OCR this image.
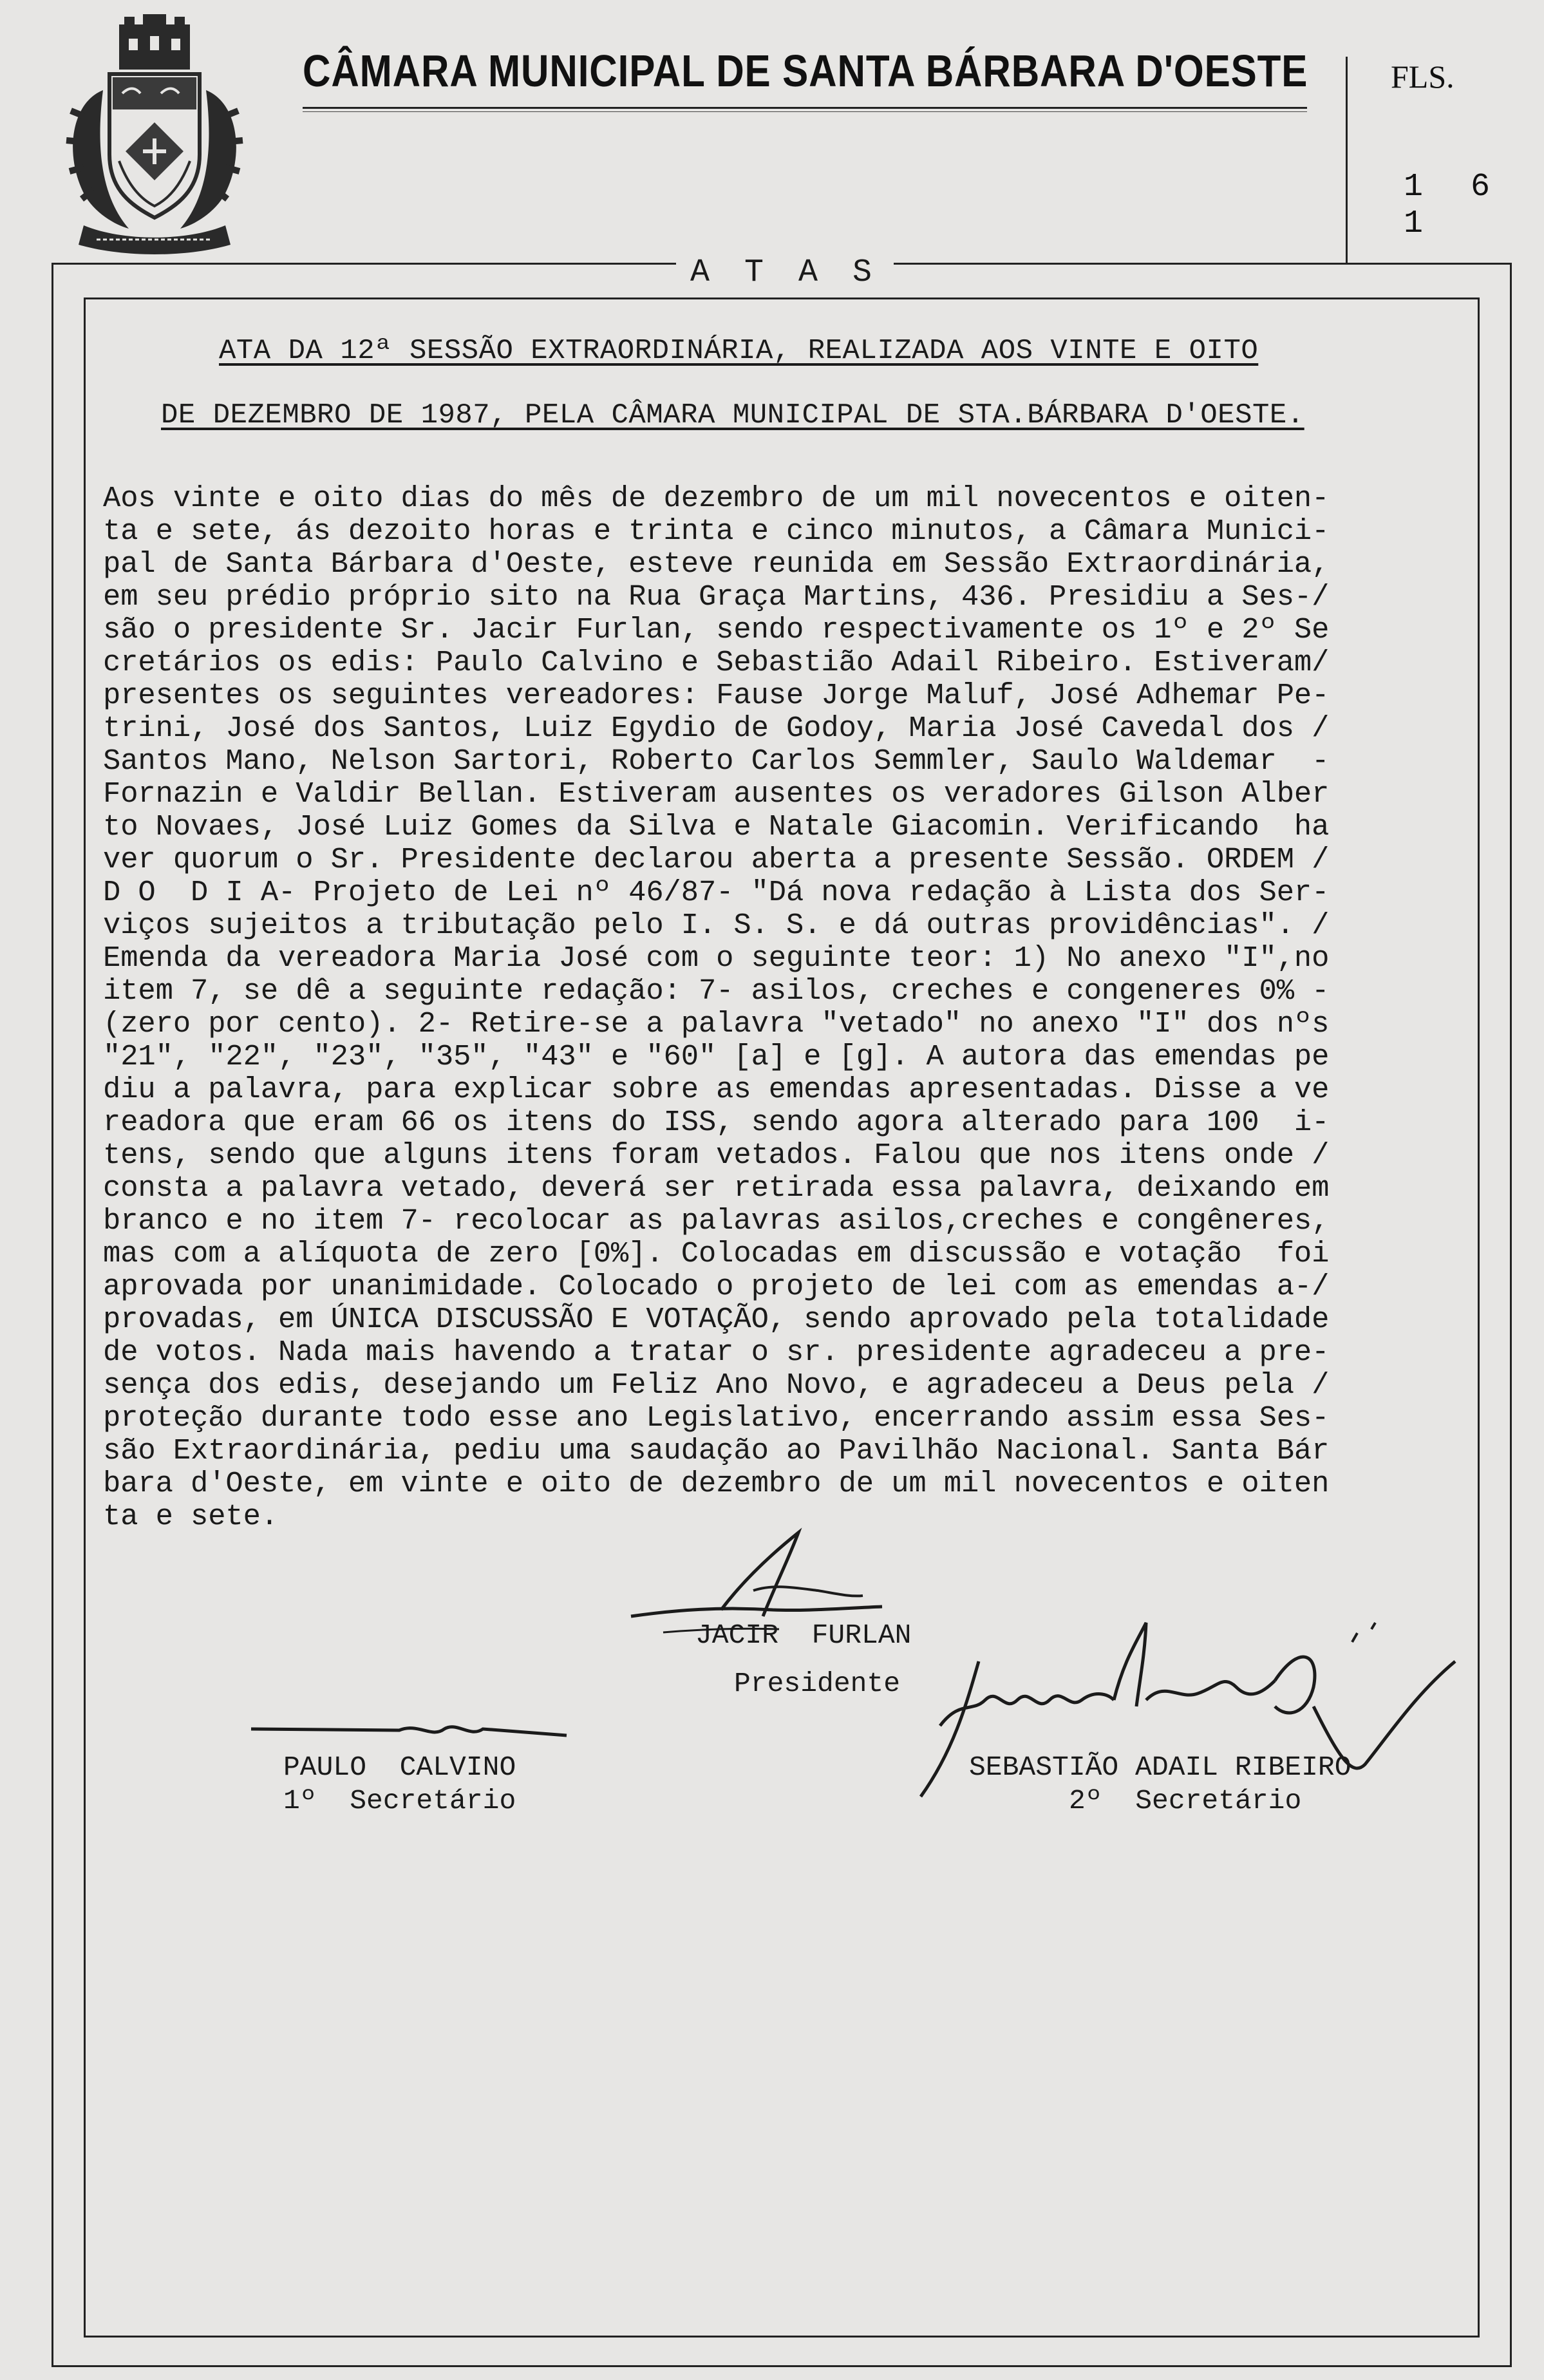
CÂMARA MUNICIPAL DE SANTA BÁRBARA D'OESTE	FLS.
1 6 1
A T A S
ATA DA 12ª SESSÃO EXTRAORDINÁRIA, REALIZADA AOS VINTE E OITO
DE DEZEMBRO DE 1987, PELA CÂMARA MUNICIPAL DE STA.BÁRBARA D'OESTE.
Aos vinte e oito dias do mês de dezembro de um mil novecentos e oiten-
ta e sete, ás dezoito horas e trinta e cinco minutos, a Câmara Munici-
pal de Santa Bárbara d'Oeste, esteve reunida em Sessão Extraordinária,
em seu prédio próprio sito na Rua Graça Martins, 436. Presidiu a Ses-/
são o presidente Sr. Jacir Furlan, sendo respectivamente os 1º e 2º Se
cretários os edis: Paulo Calvino e Sebastião Adail Ribeiro. Estiveram/
presentes os seguintes vereadores: Fause Jorge Maluf, José Adhemar Pe-
trini, José dos Santos, Luiz Egydio de Godoy, Maria José Cavedal dos /
Santos Mano, Nelson Sartori, Roberto Carlos Semmler, Saulo Waldemar  -
Fornazin e Valdir Bellan. Estiveram ausentes os veradores Gilson Alber
to Novaes, José Luiz Gomes da Silva e Natale Giacomin. Verificando  ha
ver quorum o Sr. Presidente declarou aberta a presente Sessão. ORDEM /
D O  D I A- Projeto de Lei nº 46/87- "Dá nova redação à Lista dos Ser-
viços sujeitos a tributação pelo I. S. S. e dá outras providências". /
Emenda da vereadora Maria José com o seguinte teor: 1) No anexo "I",no
item 7, se dê a seguinte redação: 7- asilos, creches e congeneres 0% -
(zero por cento). 2- Retire-se a palavra "vetado" no anexo "I" dos nºs
"21", "22", "23", "35", "43" e "60" [a] e [g]. A autora das emendas pe
diu a palavra, para explicar sobre as emendas apresentadas. Disse a ve
readora que eram 66 os itens do ISS, sendo agora alterado para 100  i-
tens, sendo que alguns itens foram vetados. Falou que nos itens onde /
consta a palavra vetado, deverá ser retirada essa palavra, deixando em
branco e no item 7- recolocar as palavras asilos,creches e congêneres,
mas com a alíquota de zero [0%]. Colocadas em discussão e votação  foi
aprovada por unanimidade. Colocado o projeto de lei com as emendas a-/
provadas, em ÚNICA DISCUSSÃO E VOTAÇÃO, sendo aprovado pela totalidade
de votos. Nada mais havendo a tratar o sr. presidente agradeceu a pre-
sença dos edis, desejando um Feliz Ano Novo, e agradeceu a Deus pela /
proteção durante todo esse ano Legislativo, encerrando assim essa Ses-
são Extraordinária, pediu uma saudação ao Pavilhão Nacional. Santa Bár
bara d'Oeste, em vinte e oito de dezembro de um mil novecentos e oiten
ta e sete.
JACIR  FURLAN
Presidente
PAULO  CALVINO
1º  Secretário
SEBASTIÃO ADAIL RIBEIRO
2º  Secretário
